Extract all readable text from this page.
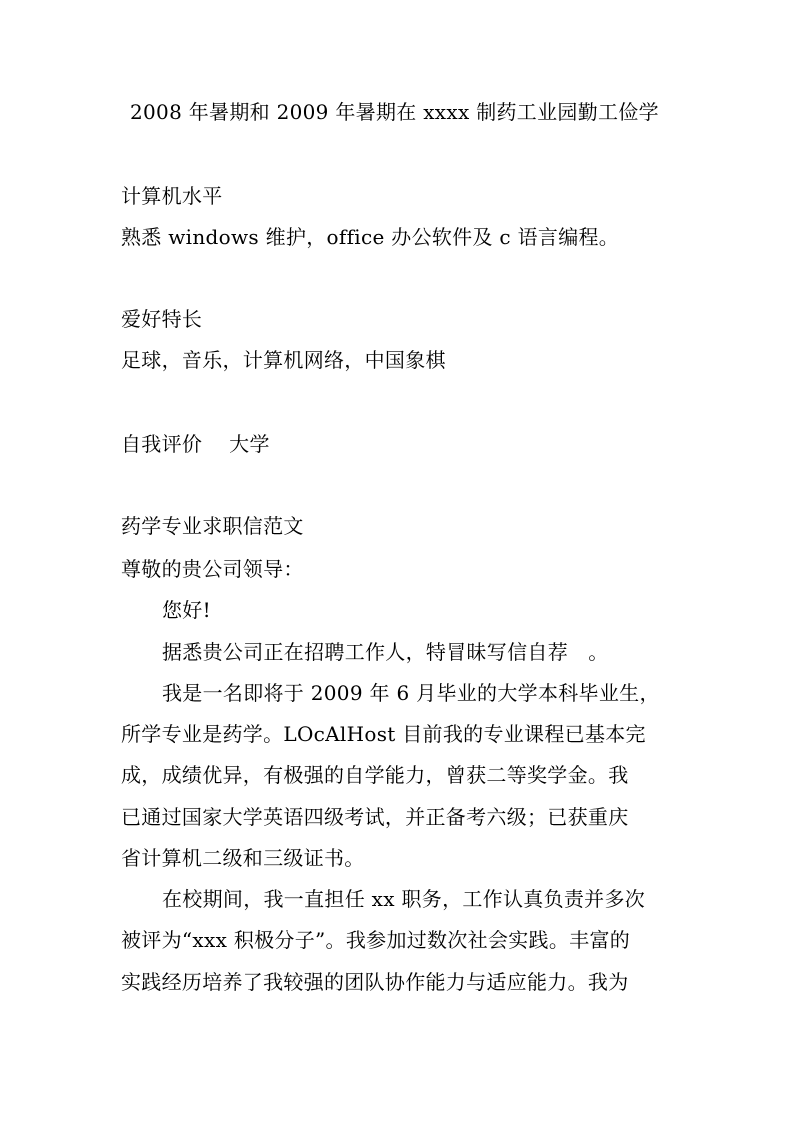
2008 年暑期和 2009 年暑期在 xxxx 制药工业园勤工俭学
计算机水平
熟悉 windows 维护，office 办公软件及 c 语言编程。
爱好特长
足球，音乐，计算机网络，中国象棋
自我评价　 大学
药学专业求职信范文
尊敬的贵公司领导：
您好!
据悉贵公司正在招聘工作人，特冒昧写信自荐　。
我是一名即将于 2009 年 6 月毕业的大学本科毕业生，
所学专业是药学。LOcAlHost 目前我的专业课程已基本完
成，成绩优异，有极强的自学能力，曾获二等奖学金。我
已通过国家大学英语四级考试，并正备考六级；已获重庆
省计算机二级和三级证书。
在校期间，我一直担任 xx 职务，工作认真负责并多次
被评为“xxx 积极分子”。我参加过数次社会实践。丰富的
实践经历培养了我较强的团队协作能力与适应能力。我为
